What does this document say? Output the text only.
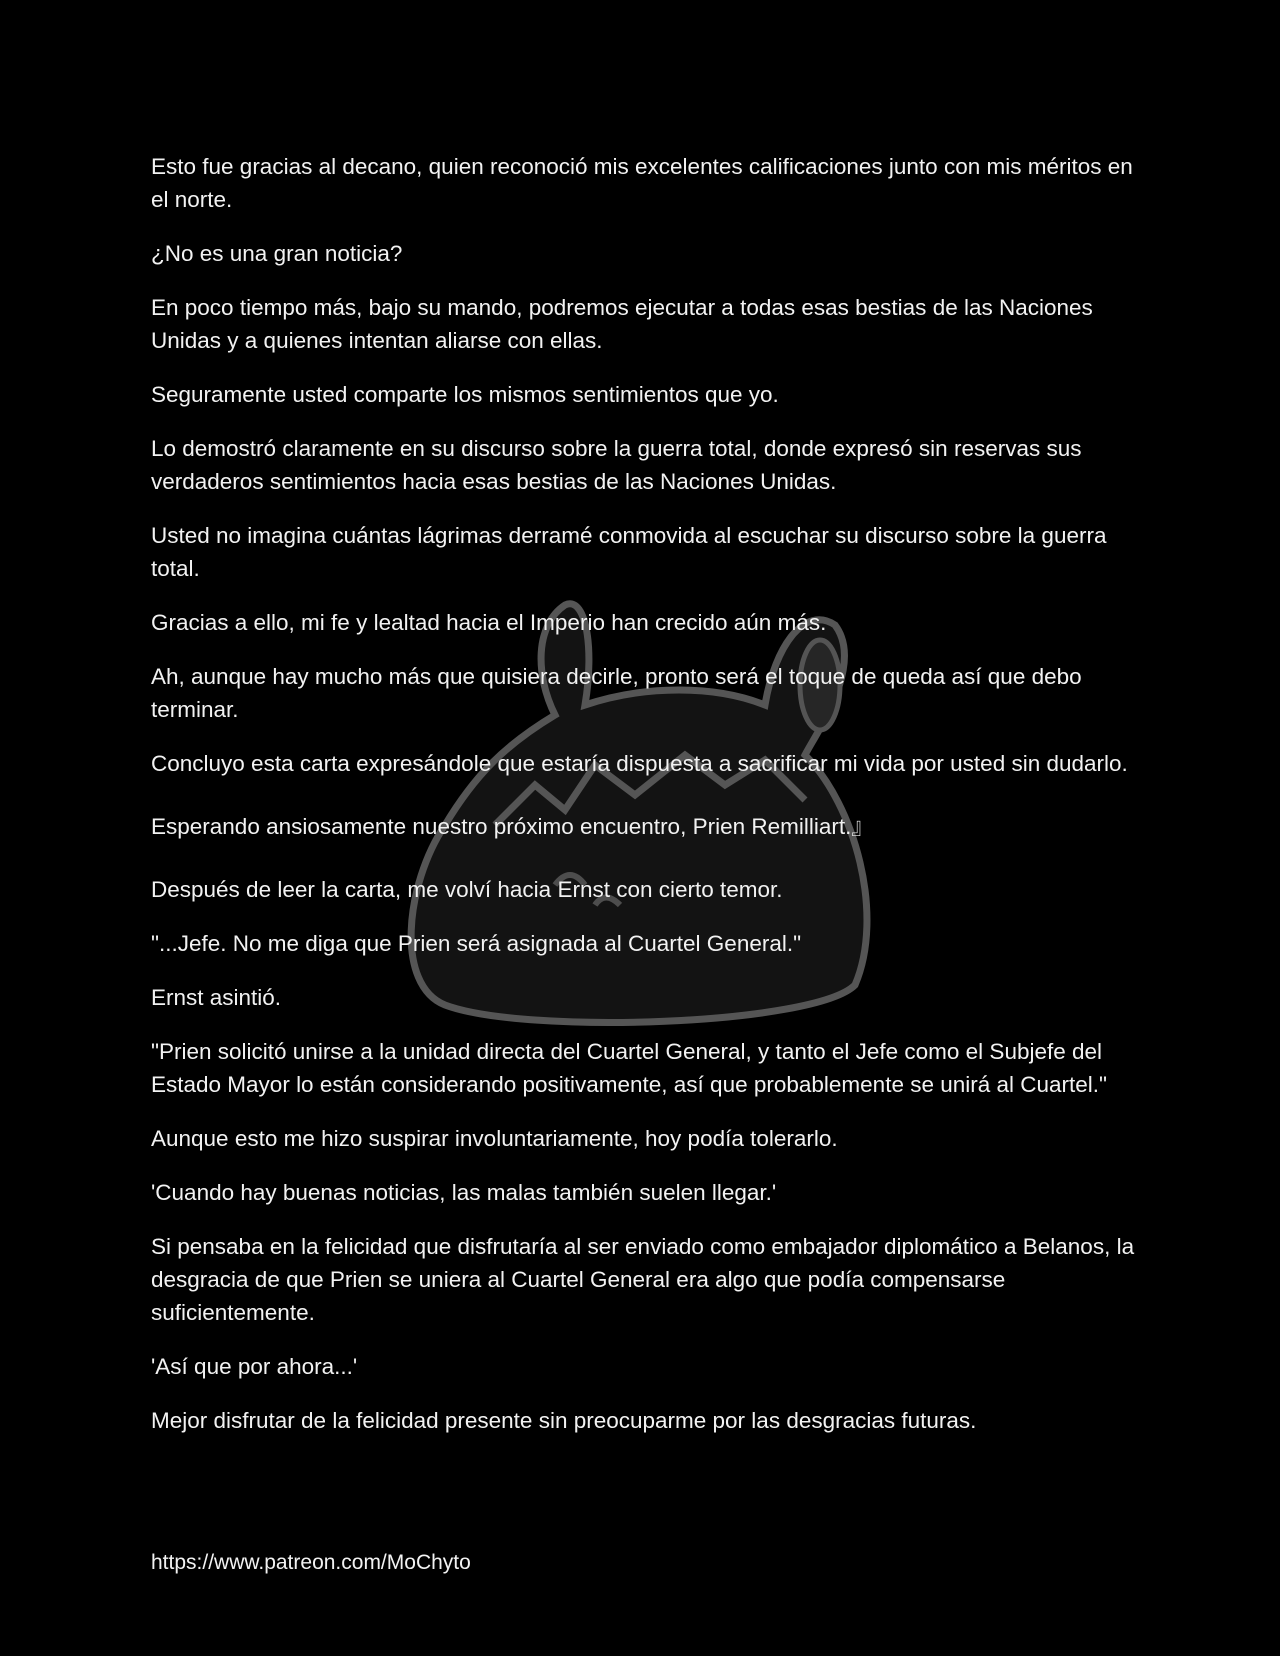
Esto fue gracias al decano, quien reconoció mis excelentes calificaciones junto con mis méritos en el norte.

¿No es una gran noticia?

En poco tiempo más, bajo su mando, podremos ejecutar a todas esas bestias de las Naciones Unidas y a quienes intentan aliarse con ellas.

Seguramente usted comparte los mismos sentimientos que yo.

Lo demostró claramente en su discurso sobre la guerra total, donde expresó sin reservas sus verdaderos sentimientos hacia esas bestias de las Naciones Unidas.

Usted no imagina cuántas lágrimas derramé conmovida al escuchar su discurso sobre la guerra total.

Gracias a ello, mi fe y lealtad hacia el Imperio han crecido aún más.

Ah, aunque hay mucho más que quisiera decirle, pronto será el toque de queda así que debo terminar.

Concluyo esta carta expresándole que estaría dispuesta a sacrificar mi vida por usted sin dudarlo.

Esperando ansiosamente nuestro próximo encuentro, Prien Remilliart.』

Después de leer la carta, me volví hacia Ernst con cierto temor.

"...Jefe. No me diga que Prien será asignada al Cuartel General."

Ernst asintió.

"Prien solicitó unirse a la unidad directa del Cuartel General, y tanto el Jefe como el Subjefe del Estado Mayor lo están considerando positivamente, así que probablemente se unirá al Cuartel."

Aunque esto me hizo suspirar involuntariamente, hoy podía tolerarlo.

'Cuando hay buenas noticias, las malas también suelen llegar.'

Si pensaba en la felicidad que disfrutaría al ser enviado como embajador diplomático a Belanos, la desgracia de que Prien se uniera al Cuartel General era algo que podía compensarse suficientemente.

'Así que por ahora...'

Mejor disfrutar de la felicidad presente sin preocuparme por las desgracias futuras.

https://www.patreon.com/MoChyto
